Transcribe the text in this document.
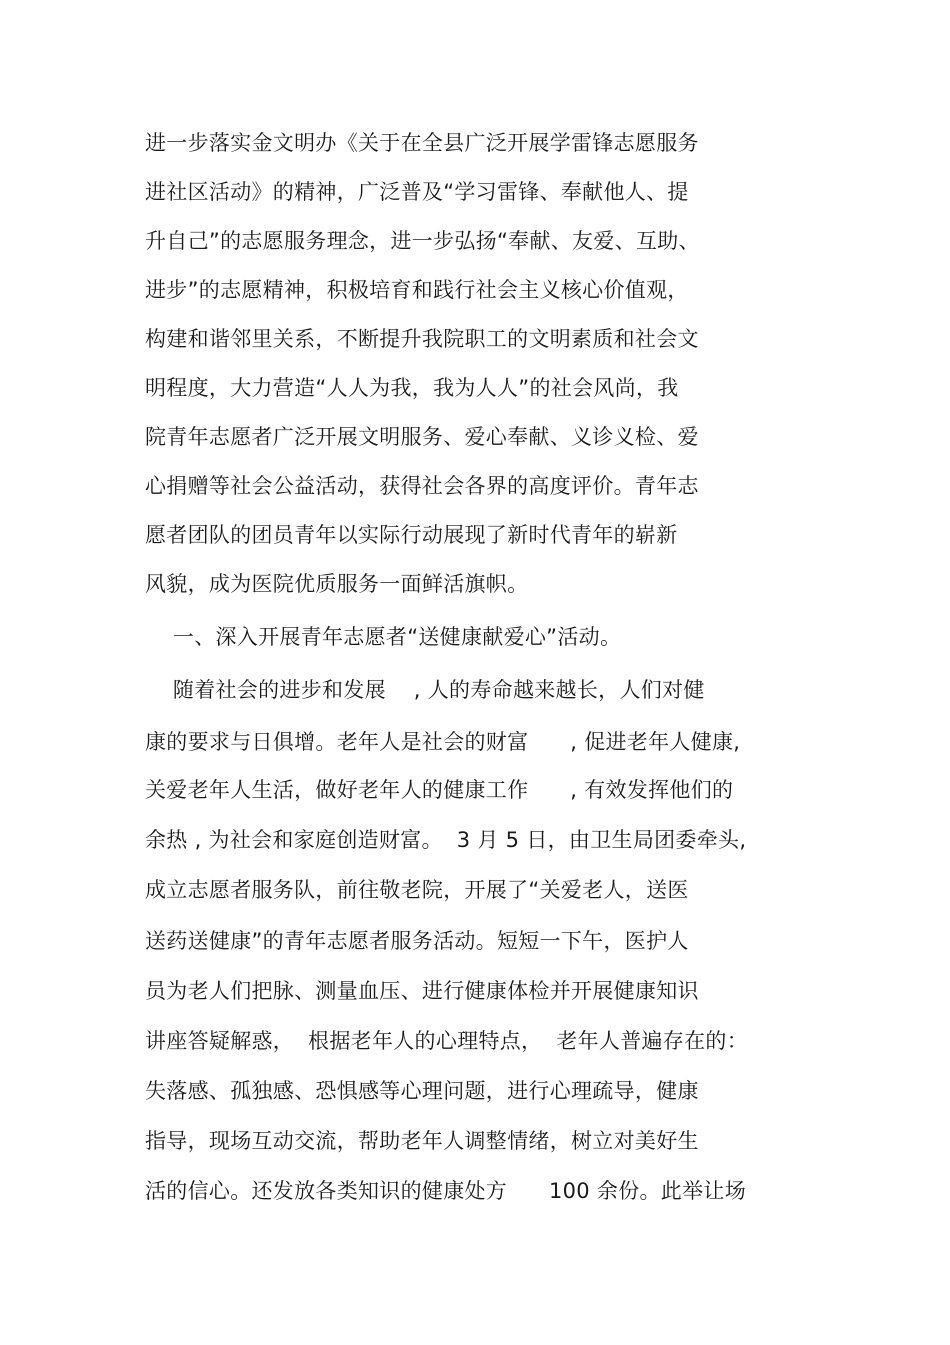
进一步落实金文明办《关于在全县广泛开展学雷锋志愿服务
进社区活动》的精神，广泛普及“学习雷锋、奉献他人、提
升自己”的志愿服务理念，进一步弘扬“奉献、友爱、互助、
进步”的志愿精神，积极培育和践行社会主义核心价值观，
构建和谐邻里关系，不断提升我院职工的文明素质和社会文
明程度，大力营造“人人为我，我为人人”的社会风尚，我
院青年志愿者广泛开展文明服务、爱心奉献、义诊义检、爱
心捐赠等社会公益活动，获得社会各界的高度评价。青年志
愿者团队的团员青年以实际行动展现了新时代青年的崭新
风貌，成为医院优质服务一面鲜活旗帜。
一、深入开展青年志愿者“送健康献爱心”活动。
随着社会的进步和发展    , 人的寿命越来越长，人们对健
康的要求与日俱增。老年人是社会的财富      , 促进老年人健康,
关爱老年人生活，做好老年人的健康工作      , 有效发挥他们的
余热 , 为社会和家庭创造财富。  3 月 5 日，由卫生局团委牵头,
成立志愿者服务队，前往敬老院，开展了“关爱老人，送医
送药送健康”的青年志愿者服务活动。短短一下午，医护人
员为老人们把脉、测量血压、进行健康体检并开展健康知识
讲座答疑解惑，  根据老年人的心理特点，  老年人普遍存在的：
失落感、孤独感、恐惧感等心理问题，进行心理疏导，健康
指导，现场互动交流，帮助老年人调整情绪，树立对美好生
活的信心。还发放各类知识的健康处方      100 余份。此举让场
